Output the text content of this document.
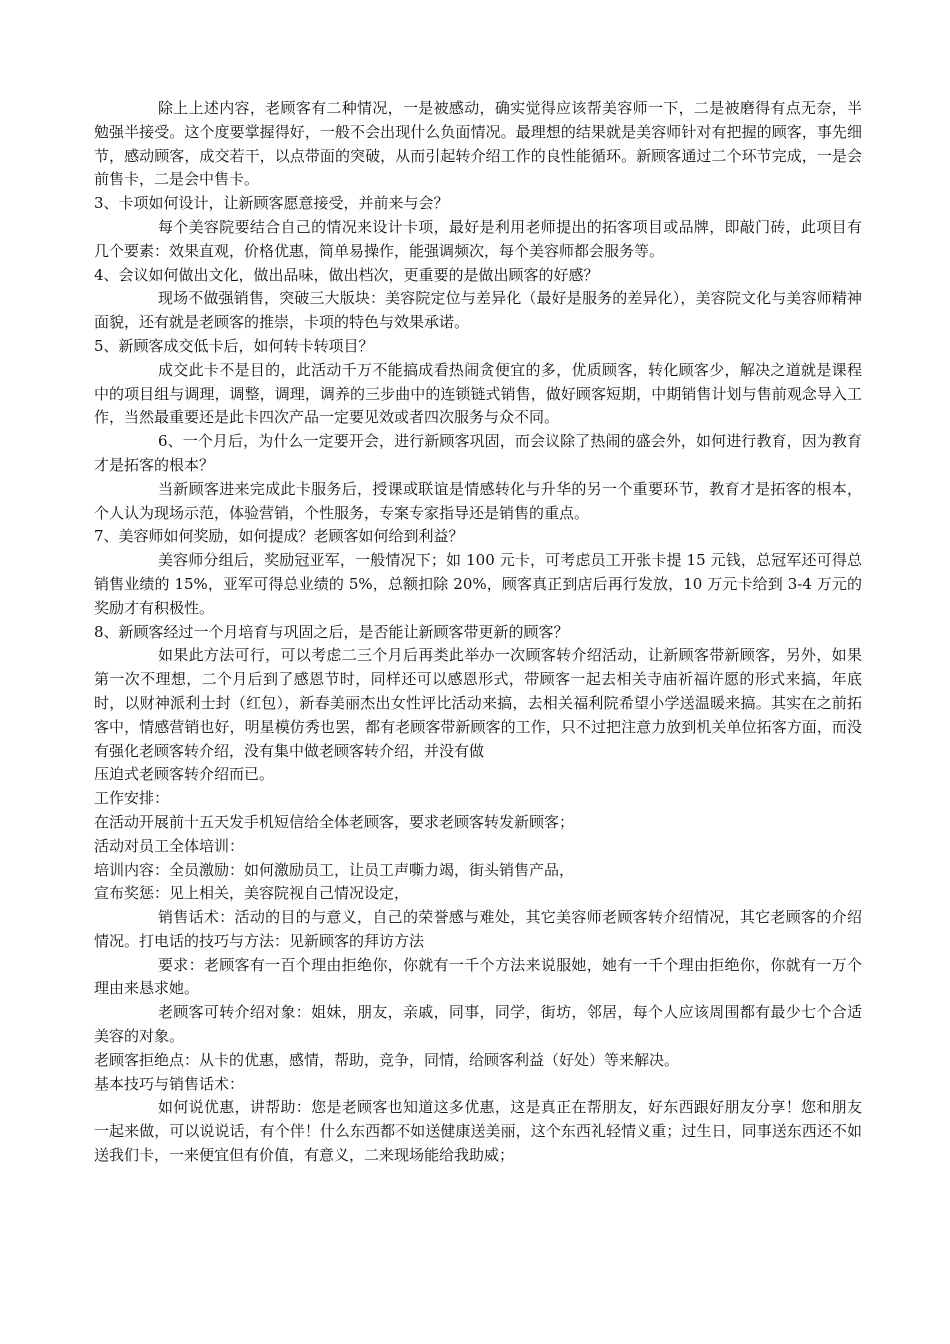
除上上述内容，老顾客有二种情况，一是被感动，确实觉得应该帮美容师一下，二是被磨得有点无奈，半勉强半接受。这个度要掌握得好，一般不会出现什么负面情况。最理想的结果就是美容师针对有把握的顾客，事先细节，感动顾客，成交若干，以点带面的突破，从而引起转介绍工作的良性能循环。新顾客通过二个环节完成，一是会前售卡，二是会中售卡。

3、卡项如何设计，让新顾客愿意接受，并前来与会？

每个美容院要结合自己的情况来设计卡项，最好是利用老师提出的拓客项目或品牌，即敲门砖，此项目有几个要素：效果直观，价格优惠，简单易操作，能强调频次，每个美容师都会服务等。

4、会议如何做出文化，做出品味，做出档次，更重要的是做出顾客的好感？

现场不做强销售，突破三大版块：美容院定位与差异化（最好是服务的差异化），美容院文化与美容师精神面貌，还有就是老顾客的推崇，卡项的特色与效果承诺。

5、新顾客成交低卡后，如何转卡转项目？

成交此卡不是目的，此活动千万不能搞成看热闹贪便宜的多，优质顾客，转化顾客少，解决之道就是课程中的项目组与调理，调整，调理，调养的三步曲中的连锁链式销售，做好顾客短期，中期销售计划与售前观念导入工作，当然最重要还是此卡四次产品一定要见效或者四次服务与众不同。

6、一个月后，为什么一定要开会，进行新顾客巩固，而会议除了热闹的盛会外，如何进行教育，因为教育才是拓客的根本？

当新顾客进来完成此卡服务后，授课或联谊是情感转化与升华的另一个重要环节，教育才是拓客的根本，个人认为现场示范，体验营销，个性服务，专案专家指导还是销售的重点。

7、美容师如何奖励，如何提成？老顾客如何给到利益？

美容师分组后，奖励冠亚军，一般情况下；如 100 元卡，可考虑员工开张卡提 15 元钱，总冠军还可得总销售业绩的 15%，亚军可得总业绩的 5%，总额扣除 20%，顾客真正到店后再行发放，10 万元卡给到 3-4 万元的奖励才有积极性。

8、新顾客经过一个月培育与巩固之后，是否能让新顾客带更新的顾客？

如果此方法可行，可以考虑二三个月后再类此举办一次顾客转介绍活动，让新顾客带新顾客，另外，如果第一次不理想，二个月后到了感恩节时，同样还可以感恩形式，带顾客一起去相关寺庙祈福许愿的形式来搞，年底时，以财神派利士封（红包），新春美丽杰出女性评比活动来搞，去相关福利院希望小学送温暖来搞。其实在之前拓客中，情感营销也好，明星模仿秀也罢，都有老顾客带新顾客的工作，只不过把注意力放到机关单位拓客方面，而没有强化老顾客转介绍，没有集中做老顾客转介绍，并没有做

压迫式老顾客转介绍而已。

工作安排：

在活动开展前十五天发手机短信给全体老顾客，要求老顾客转发新顾客；

活动对员工全体培训：

培训内容：全员激励：如何激励员工，让员工声嘶力竭，街头销售产品，

宣布奖惩：见上相关，美容院视自己情况设定，

销售话术：活动的目的与意义，自己的荣誉感与难处，其它美容师老顾客转介绍情况，其它老顾客的介绍情况。打电话的技巧与方法：见新顾客的拜访方法

要求：老顾客有一百个理由拒绝你，你就有一千个方法来说服她，她有一千个理由拒绝你，你就有一万个理由来恳求她。

老顾客可转介绍对象：姐妹，朋友，亲戚，同事，同学，街坊，邻居，每个人应该周围都有最少七个合适美容的对象。

老顾客拒绝点：从卡的优惠，感情，帮助，竞争，同情，给顾客利益（好处）等来解决。

基本技巧与销售话术：

如何说优惠，讲帮助：您是老顾客也知道这多优惠，这是真正在帮朋友，好东西跟好朋友分享！您和朋友一起来做，可以说说话，有个伴！什么东西都不如送健康送美丽，这个东西礼轻情义重；过生日，同事送东西还不如送我们卡，一来便宜但有价值，有意义，二来现场能给我助威；
